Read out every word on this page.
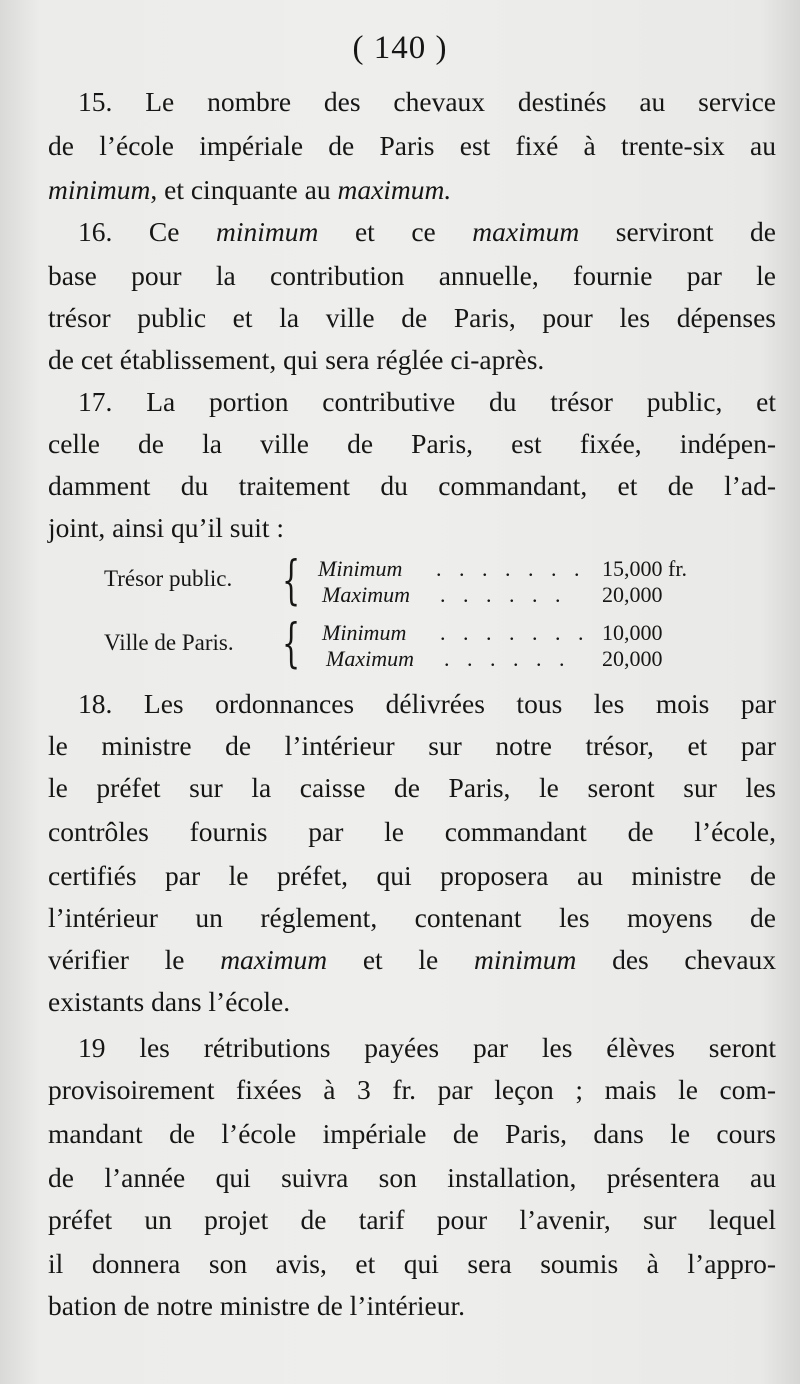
( 140 )
15. Le nombre des chevaux destinés au service
de l’école impériale de Paris est fixé à trente-six au
minimum, et cinquante au maximum.
16. Ce minimum et ce maximum serviront de
base pour la contribution annuelle, fournie par le
trésor public et la ville de Paris, pour les dépenses
de cet établissement, qui sera réglée ci-après.
17. La portion contributive du trésor public, et
celle de la ville de Paris, est fixée, indépen-
damment du traitement du commandant, et de l’ad-
joint, ainsi qu’il suit :
Trésor public. { Minimum . . . . . . . 15,000 fr.
Maximum . . . . . . 20,000
Ville de Paris. { Minimum . . . . . . . 10,000
Maximum . . . . . . 20,000
18. Les ordonnances délivrées tous les mois par
le ministre de l’intérieur sur notre trésor, et par
le préfet sur la caisse de Paris, le seront sur les
contrôles fournis par le commandant de l’école,
certifiés par le préfet, qui proposera au ministre de
l’intérieur un réglement, contenant les moyens de
vérifier le maximum et le minimum des chevaux
existants dans l’école.
19 les rétributions payées par les élèves seront
provisoirement fixées à 3 fr. par leçon ; mais le com-
mandant de l’école impériale de Paris, dans le cours
de l’année qui suivra son installation, présentera au
préfet un projet de tarif pour l’avenir, sur lequel
il donnera son avis, et qui sera soumis à l’appro-
bation de notre ministre de l’intérieur.
